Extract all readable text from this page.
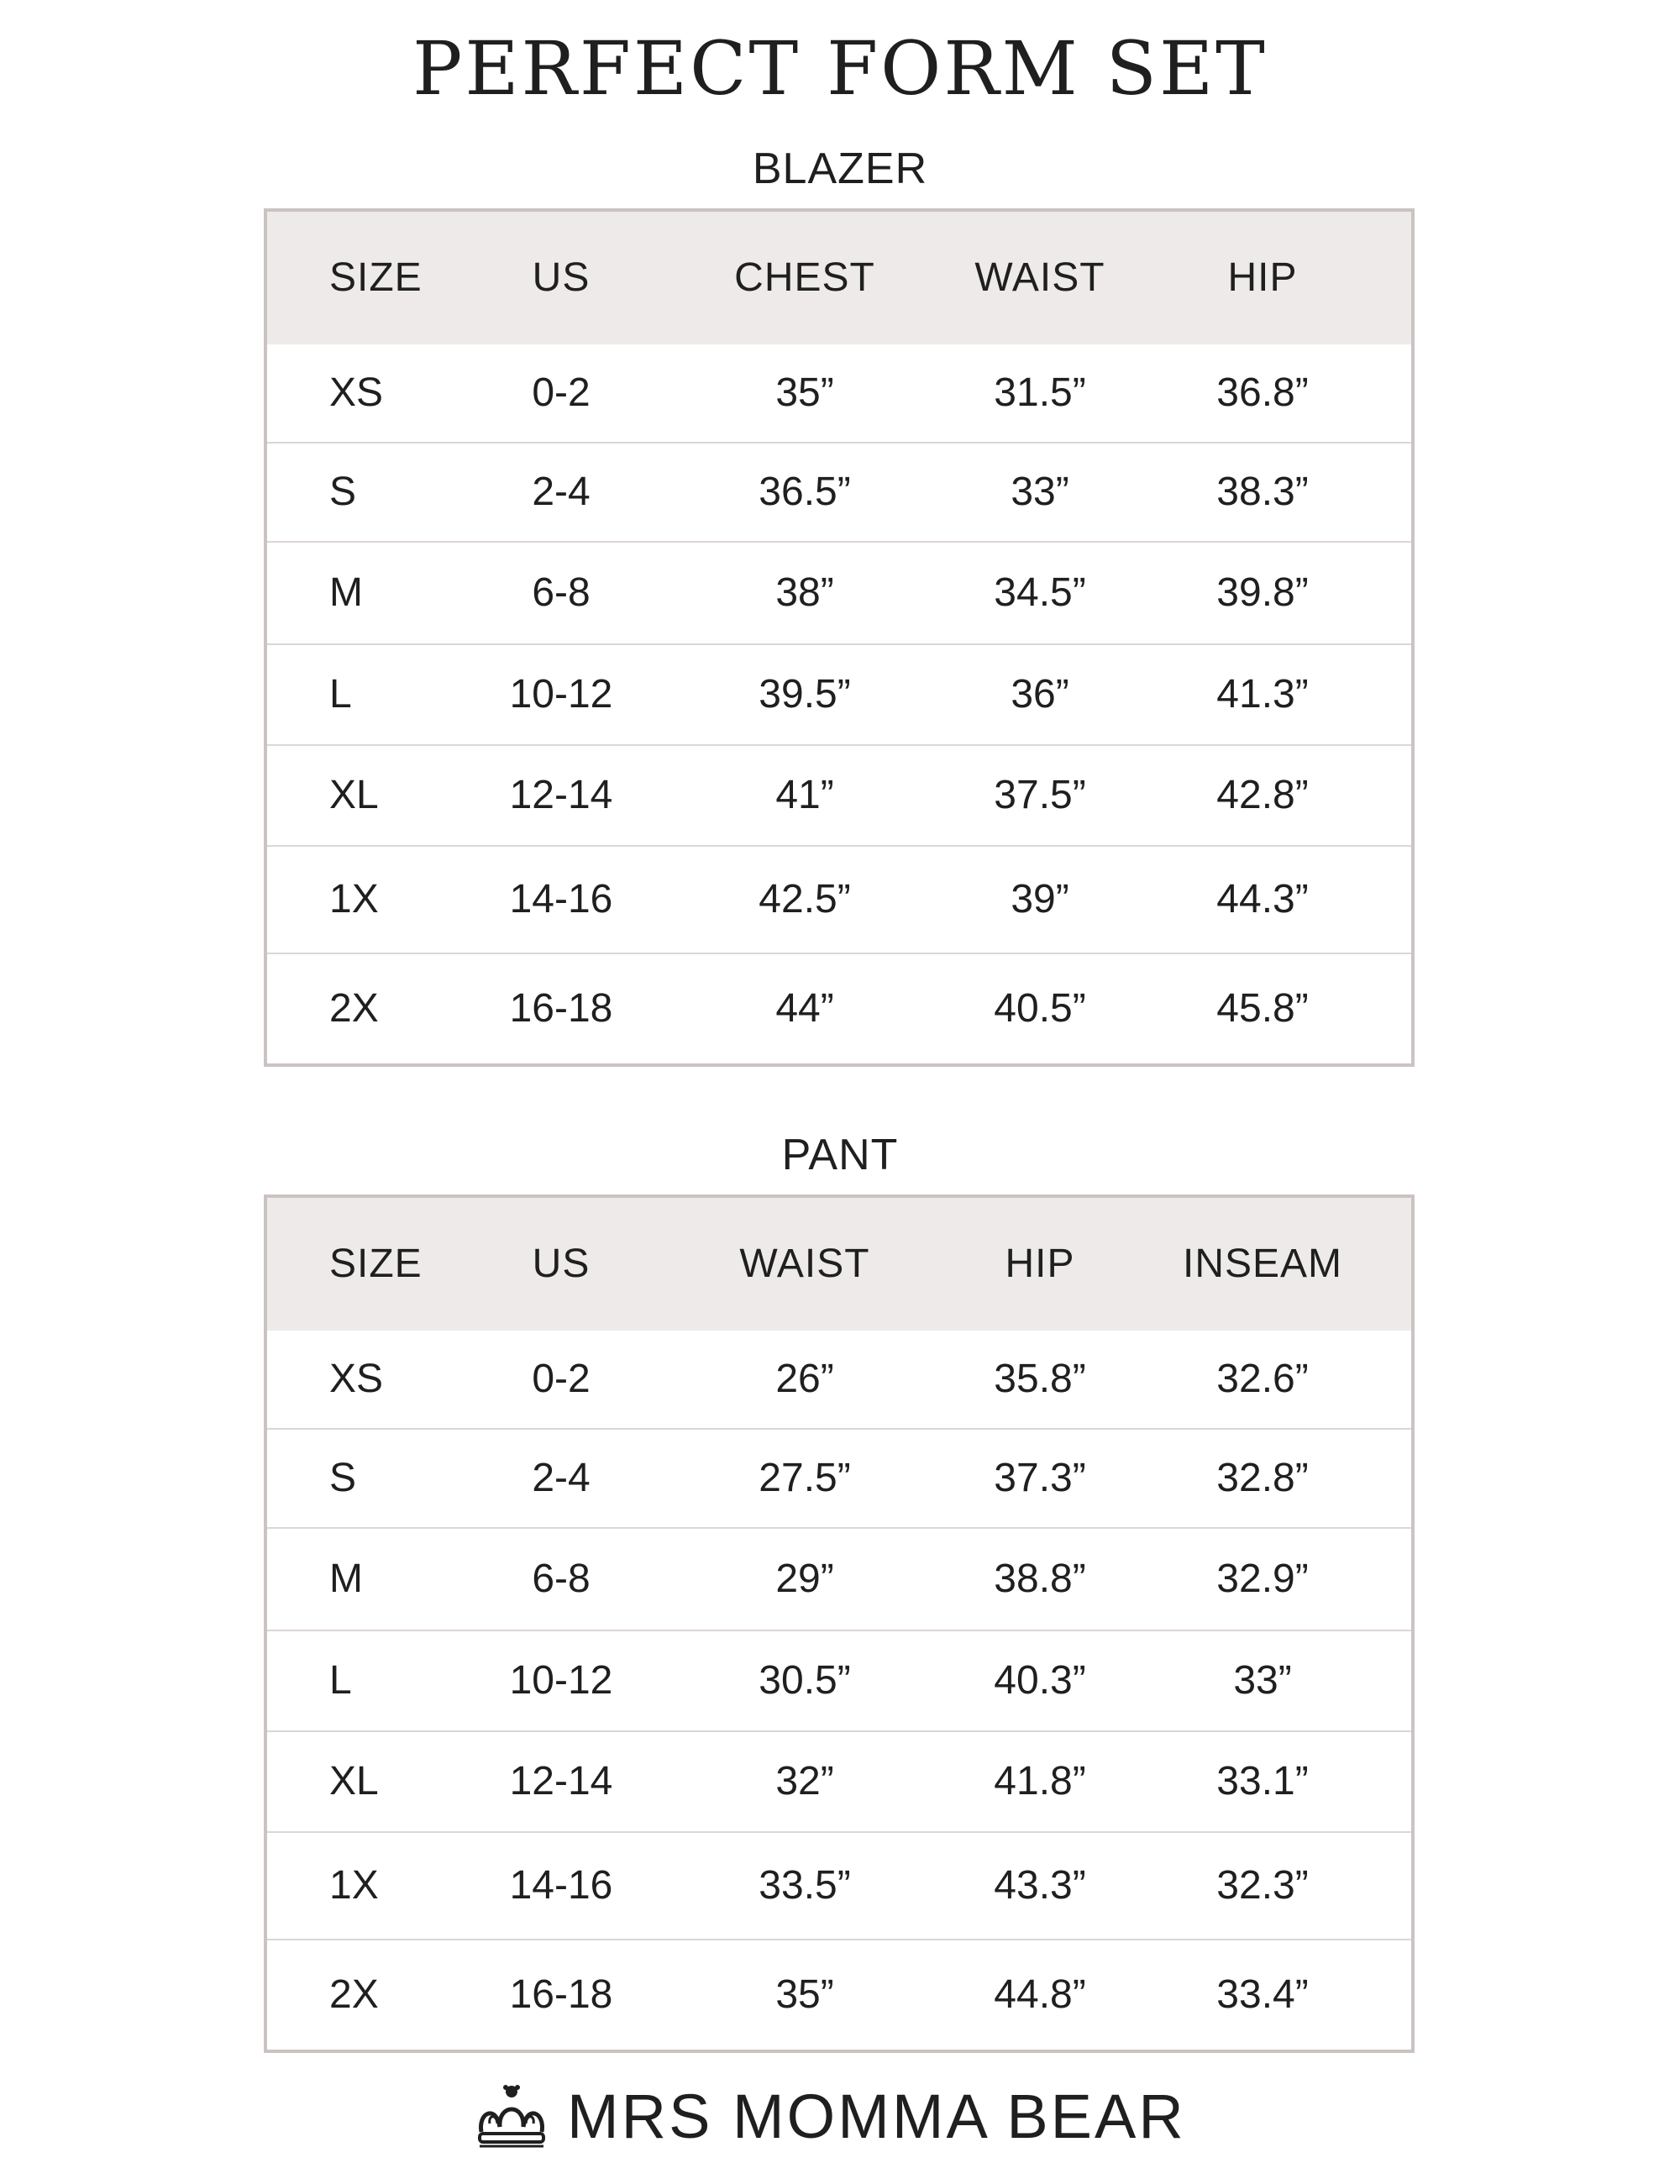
PERFECT FORM SET
BLAZER
SIZE	US	CHEST	WAIST	HIP
XS	0-2	35”	31.5”	36.8”
S	2-4	36.5”	33”	38.3”
M	6-8	38”	34.5”	39.8”
L	10-12	39.5”	36”	41.3”
XL	12-14	41”	37.5”	42.8”
1X	14-16	42.5”	39”	44.3”
2X	16-18	44”	40.5”	45.8”
PANT
SIZE	US	WAIST	HIP	INSEAM
XS	0-2	26”	35.8”	32.6”
S	2-4	27.5”	37.3”	32.8”
M	6-8	29”	38.8”	32.9”
L	10-12	30.5”	40.3”	33”
XL	12-14	32”	41.8”	33.1”
1X	14-16	33.5”	43.3”	32.3”
2X	16-18	35”	44.8”	33.4”
MRS MOMMA BEAR
